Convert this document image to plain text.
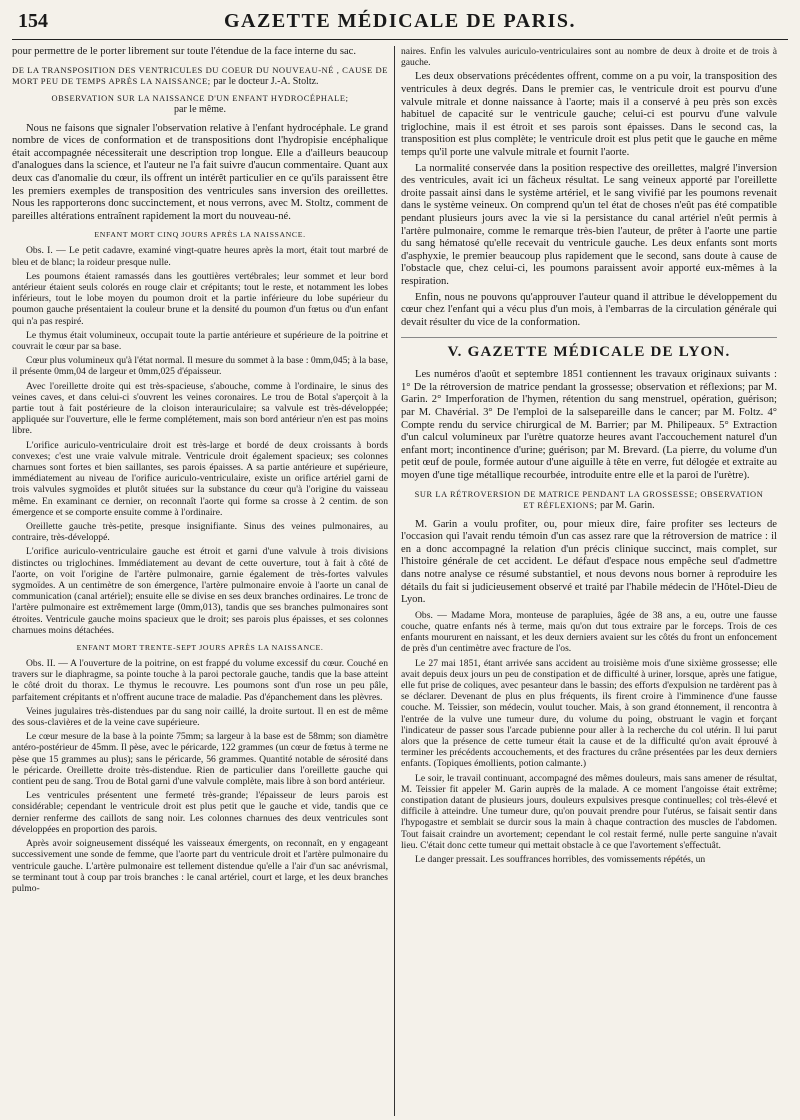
154	GAZETTE MÉDICALE DE PARIS.

pour permettre de le porter librement sur toute l'étendue de la face interne du sac.

DE LA TRANSPOSITION DES VENTRICULES DU COEUR DU NOUVEAU-NÉ , CAUSE DE MORT PEU DE TEMPS APRÈS LA NAISSANCE; par le docteur J.-A. Stoltz.
OBSERVATION SUR LA NAISSANCE D'UN ENFANT HYDROCÉPHALE;
par le même.

Nous ne faisons que signaler l'observation relative à l'enfant hydrocéphale. Le grand nombre de vices de conformation et de transpositions dont l'hydropisie encéphalique était accompagnée nécessiterait une description trop longue. Elle a d'ailleurs beaucoup d'analogues dans la science, et l'auteur ne l'a fait suivre d'aucun commentaire. Quant aux deux cas d'anomalie du cœur, ils offrent un intérêt particulier en ce qu'ils paraissent être les premiers exemples de transposition des ventricules sans inversion des oreillettes. Nous les rapporterons donc succinctement, et nous verrons, avec M. Stoltz, comment de pareilles altérations entraînent rapidement la mort du nouveau-né.

ENFANT MORT CINQ JOURS APRÈS LA NAISSANCE.

Obs. I. — Le petit cadavre, examiné vingt-quatre heures après la mort, était tout marbré de bleu et de blanc; la roideur presque nulle.

Les poumons étaient ramassés dans les gouttières vertébrales; leur sommet et leur bord antérieur étaient seuls colorés en rouge clair et crépitants; tout le reste, et notamment les lobes inférieurs, tout le lobe moyen du poumon droit et la partie inférieure du lobe supérieur du poumon gauche présentaient la couleur brune et la densité du poumon d'un fœtus ou d'un enfant qui n'a pas respiré.

Le thymus était volumineux, occupait toute la partie antérieure et supérieure de la poitrine et couvrait le cœur par sa base.

Cœur plus volumineux qu'à l'état normal. Il mesure du sommet à la base : 0mm,045; à la base, il présente 0mm,04 de largeur et 0mm,025 d'épaisseur.

Avec l'oreillette droite qui est très-spacieuse, s'abouche, comme à l'ordinaire, le sinus des veines caves, et dans celui-ci s'ouvrent les veines coronaires. Le trou de Botal s'aperçoit à la partie tout à fait postérieure de la cloison interauriculaire; sa valvule est très-développée; appliquée sur l'ouverture, elle le ferme complétement, mais son bord antérieur n'en est pas moins libre.

L'orifice auriculo-ventriculaire droit est très-large et bordé de deux croissants à bords convexes; c'est une vraie valvule mitrale. Ventricule droit également spacieux; ses colonnes charnues sont fortes et bien saillantes, ses parois épaisses. A sa partie antérieure et supérieure, immédiatement au niveau de l'orifice auriculo-ventriculaire, existe un orifice artériel garni de trois valvules sygmoïdes et plutôt situées sur la substance du cœur qu'à l'origine du vaisseau même. En examinant ce dernier, on reconnaît l'aorte qui forme sa crosse à 2 centim. de son émergence et se comporte ensuite comme à l'ordinaire.

Oreillette gauche très-petite, presque insignifiante. Sinus des veines pulmonaires, au contraire, très-développé.

L'orifice auriculo-ventriculaire gauche est étroit et garni d'une valvule à trois divisions distinctes ou triglochines. Immédiatement au devant de cette ouverture, tout à fait à côté de l'aorte, on voit l'origine de l'artère pulmonaire, garnie également de très-fortes valvules sygmoïdes. A un centimètre de son émergence, l'artère pulmonaire envoie à l'aorte un canal de communication (canal artériel); ensuite elle se divise en ses deux branches ordinaires. Le tronc de l'artère pulmonaire est extrêmement large (0mm,013), tandis que ses branches pulmonaires sont étroites. Ventricule gauche moins spacieux que le droit; ses parois plus épaisses, et ses colonnes charnues moins détachées.

ENFANT MORT TRENTE-SEPT JOURS APRÈS LA NAISSANCE.

Obs. II. — A l'ouverture de la poitrine, on est frappé du volume excessif du cœur. Couché en travers sur le diaphragme, sa pointe touche à la paroi pectorale gauche, tandis que la base atteint le côté droit du thorax. Le thymus le recouvre. Les poumons sont d'un rose un peu pâle, parfaitement crépitants et n'offrent aucune trace de maladie. Pas d'épanchement dans les plèvres.

Veines jugulaires très-distendues par du sang noir caillé, la droite surtout. Il en est de même des sous-clavières et de la veine cave supérieure.

Le cœur mesure de la base à la pointe 75mm; sa largeur à la base est de 58mm; son diamètre antéro-postérieur de 45mm. Il pèse, avec le péricarde, 122 grammes (un cœur de fœtus à terme ne pèse que 15 grammes au plus); sans le péricarde, 56 grammes. Quantité notable de sérosité dans le péricarde. Oreillette droite très-distendue. Rien de particulier dans l'oreillette gauche qui contient peu de sang. Trou de Botal garni d'une valvule complète, mais libre à son bord antérieur.

Les ventricules présentent une fermeté très-grande; l'épaisseur de leurs parois est considérable; cependant le ventricule droit est plus petit que le gauche et vide, tandis que ce dernier renferme des caillots de sang noir. Les colonnes charnues des deux ventricules sont développées en proportion des parois.

Après avoir soigneusement disséqué les vaisseaux émergents, on reconnaît, en y engageant successivement une sonde de femme, que l'aorte part du ventricule droit et l'artère pulmonaire du ventricule gauche. L'artère pulmonaire est tellement distendue qu'elle a l'air d'un sac anévrismal, se terminant tout à coup par trois branches : le canal artériel, court et large, et les deux branches pulmo-

naires. Enfin les valvules auriculo-ventriculaires sont au nombre de deux à droite et de trois à gauche.

Les deux observations précédentes offrent, comme on a pu voir, la transposition des ventricules à deux degrés. Dans le premier cas, le ventricule droit est pourvu d'une valvule mitrale et donne naissance à l'aorte; mais il a conservé à peu près son excès habituel de capacité sur le ventricule gauche; celui-ci est pourvu d'une valvule triglochine, mais il est étroit et ses parois sont épaisses. Dans le second cas, la transposition est plus complète; le ventricule droit est plus petit que le gauche en même temps qu'il porte une valvule mitrale et fournit l'aorte.

La normalité conservée dans la position respective des oreillettes, malgré l'inversion des ventricules, avait ici un fâcheux résultat. Le sang veineux apporté par l'oreillette droite passait ainsi dans le système artériel, et le sang vivifié par les poumons revenait dans le système veineux. On comprend qu'un tel état de choses n'eût pas été compatible pendant plusieurs jours avec la vie si la persistance du canal artériel n'eût permis à l'artère pulmonaire, comme le remarque très-bien l'auteur, de prêter à l'aorte une partie du sang hématosé qu'elle recevait du ventricule gauche. Les deux enfants sont morts d'asphyxie, le premier beaucoup plus rapidement que le second, sans doute à cause de l'obstacle que, chez celui-ci, les poumons paraissent avoir apporté eux-mêmes à la respiration.

Enfin, nous ne pouvons qu'approuver l'auteur quand il attribue le développement du cœur chez l'enfant qui a vécu plus d'un mois, à l'embarras de la circulation générale qui devait résulter du vice de la conformation.

V. GAZETTE MÉDICALE DE LYON.

Les numéros d'août et septembre 1851 contiennent les travaux originaux suivants : 1° De la rétroversion de matrice pendant la grossesse; observation et réflexions; par M. Garin. 2° Imperforation de l'hymen, rétention du sang menstruel, opération, guérison; par M. Chavérial. 3° De l'emploi de la salsepareille dans le cancer; par M. Foltz. 4° Compte rendu du service chirurgical de M. Barrier; par M. Philipeaux. 5° Extraction d'un calcul volumineux par l'urètre quatorze heures avant l'accouchement naturel d'un enfant mort; incontinence d'urine; guérison; par M. Brevard. (La pierre, du volume d'un petit œuf de poule, formée autour d'une aiguille à tête en verre, fut délogée et extraite au moyen d'une tige métallique recourbée, introduite entre elle et la paroi de l'urètre).

SUR LA RÉTROVERSION DE MATRICE PENDANT LA GROSSESSE; OBSERVATION ET RÉFLEXIONS; par M. Garin.

M. Garin a voulu profiter, ou, pour mieux dire, faire profiter ses lecteurs de l'occasion qui l'avait rendu témoin d'un cas assez rare que la rétroversion de matrice : il en a donc accompagné la relation d'un précis clinique succinct, mais complet, sur l'histoire générale de cet accident. Le défaut d'espace nous empêche seul d'admettre dans notre analyse ce résumé substantiel, et nous devons nous borner à reproduire les détails du fait si judicieusement observé et traité par l'habile médecin de l'Hôtel-Dieu de Lyon.

Obs. — Madame Mora, monteuse de parapluies, âgée de 38 ans, a eu, outre une fausse couche, quatre enfants nés à terme, mais qu'on dut tous extraire par le forceps. Trois de ces enfants moururent en naissant, et les deux derniers avaient sur les côtés du front un enfoncement de près d'un centimètre avec fracture de l'os.

Le 27 mai 1851, étant arrivée sans accident au troisième mois d'une sixième grossesse; elle avait depuis deux jours un peu de constipation et de difficulté à uriner, lorsque, après une fatigue, elle fut prise de coliques, avec pesanteur dans le bassin; des efforts d'expulsion ne tardèrent pas à se déclarer. Devenant de plus en plus fréquents, ils firent croire à l'imminence d'une fausse couche. M. Teissier, son médecin, voulut toucher. Mais, à son grand étonnement, il rencontra à l'entrée de la vulve une tumeur dure, du volume du poing, obstruant le vagin et forçant l'indicateur de passer sous l'arcade pubienne pour aller à la recherche du col utérin. Il lui parut alors que la présence de cette tumeur était la cause et de la difficulté qu'on avait éprouvé à terminer les précédents accouchements, et des fractures du crâne présentées par les deux derniers enfants. (Topiques émollients, potion calmante.)

Le soir, le travail continuant, accompagné des mêmes douleurs, mais sans amener de résultat, M. Teissier fit appeler M. Garin auprès de la malade. A ce moment l'angoisse était extrême; constipation datant de plusieurs jours, douleurs expulsives presque continuelles; col très-élevé et difficile à atteindre. Une tumeur dure, qu'on pouvait prendre pour l'utérus, se faisait sentir dans l'hypogastre et semblait se durcir sous la main à chaque contraction des muscles de l'abdomen. Tout faisait craindre un avortement; cependant le col restait fermé, nulle perte sanguine n'avait lieu. C'était donc cette tumeur qui mettait obstacle à ce que l'avortement s'effectuât.

Le danger pressait. Les souffrances horribles, des vomissements répétés, un
